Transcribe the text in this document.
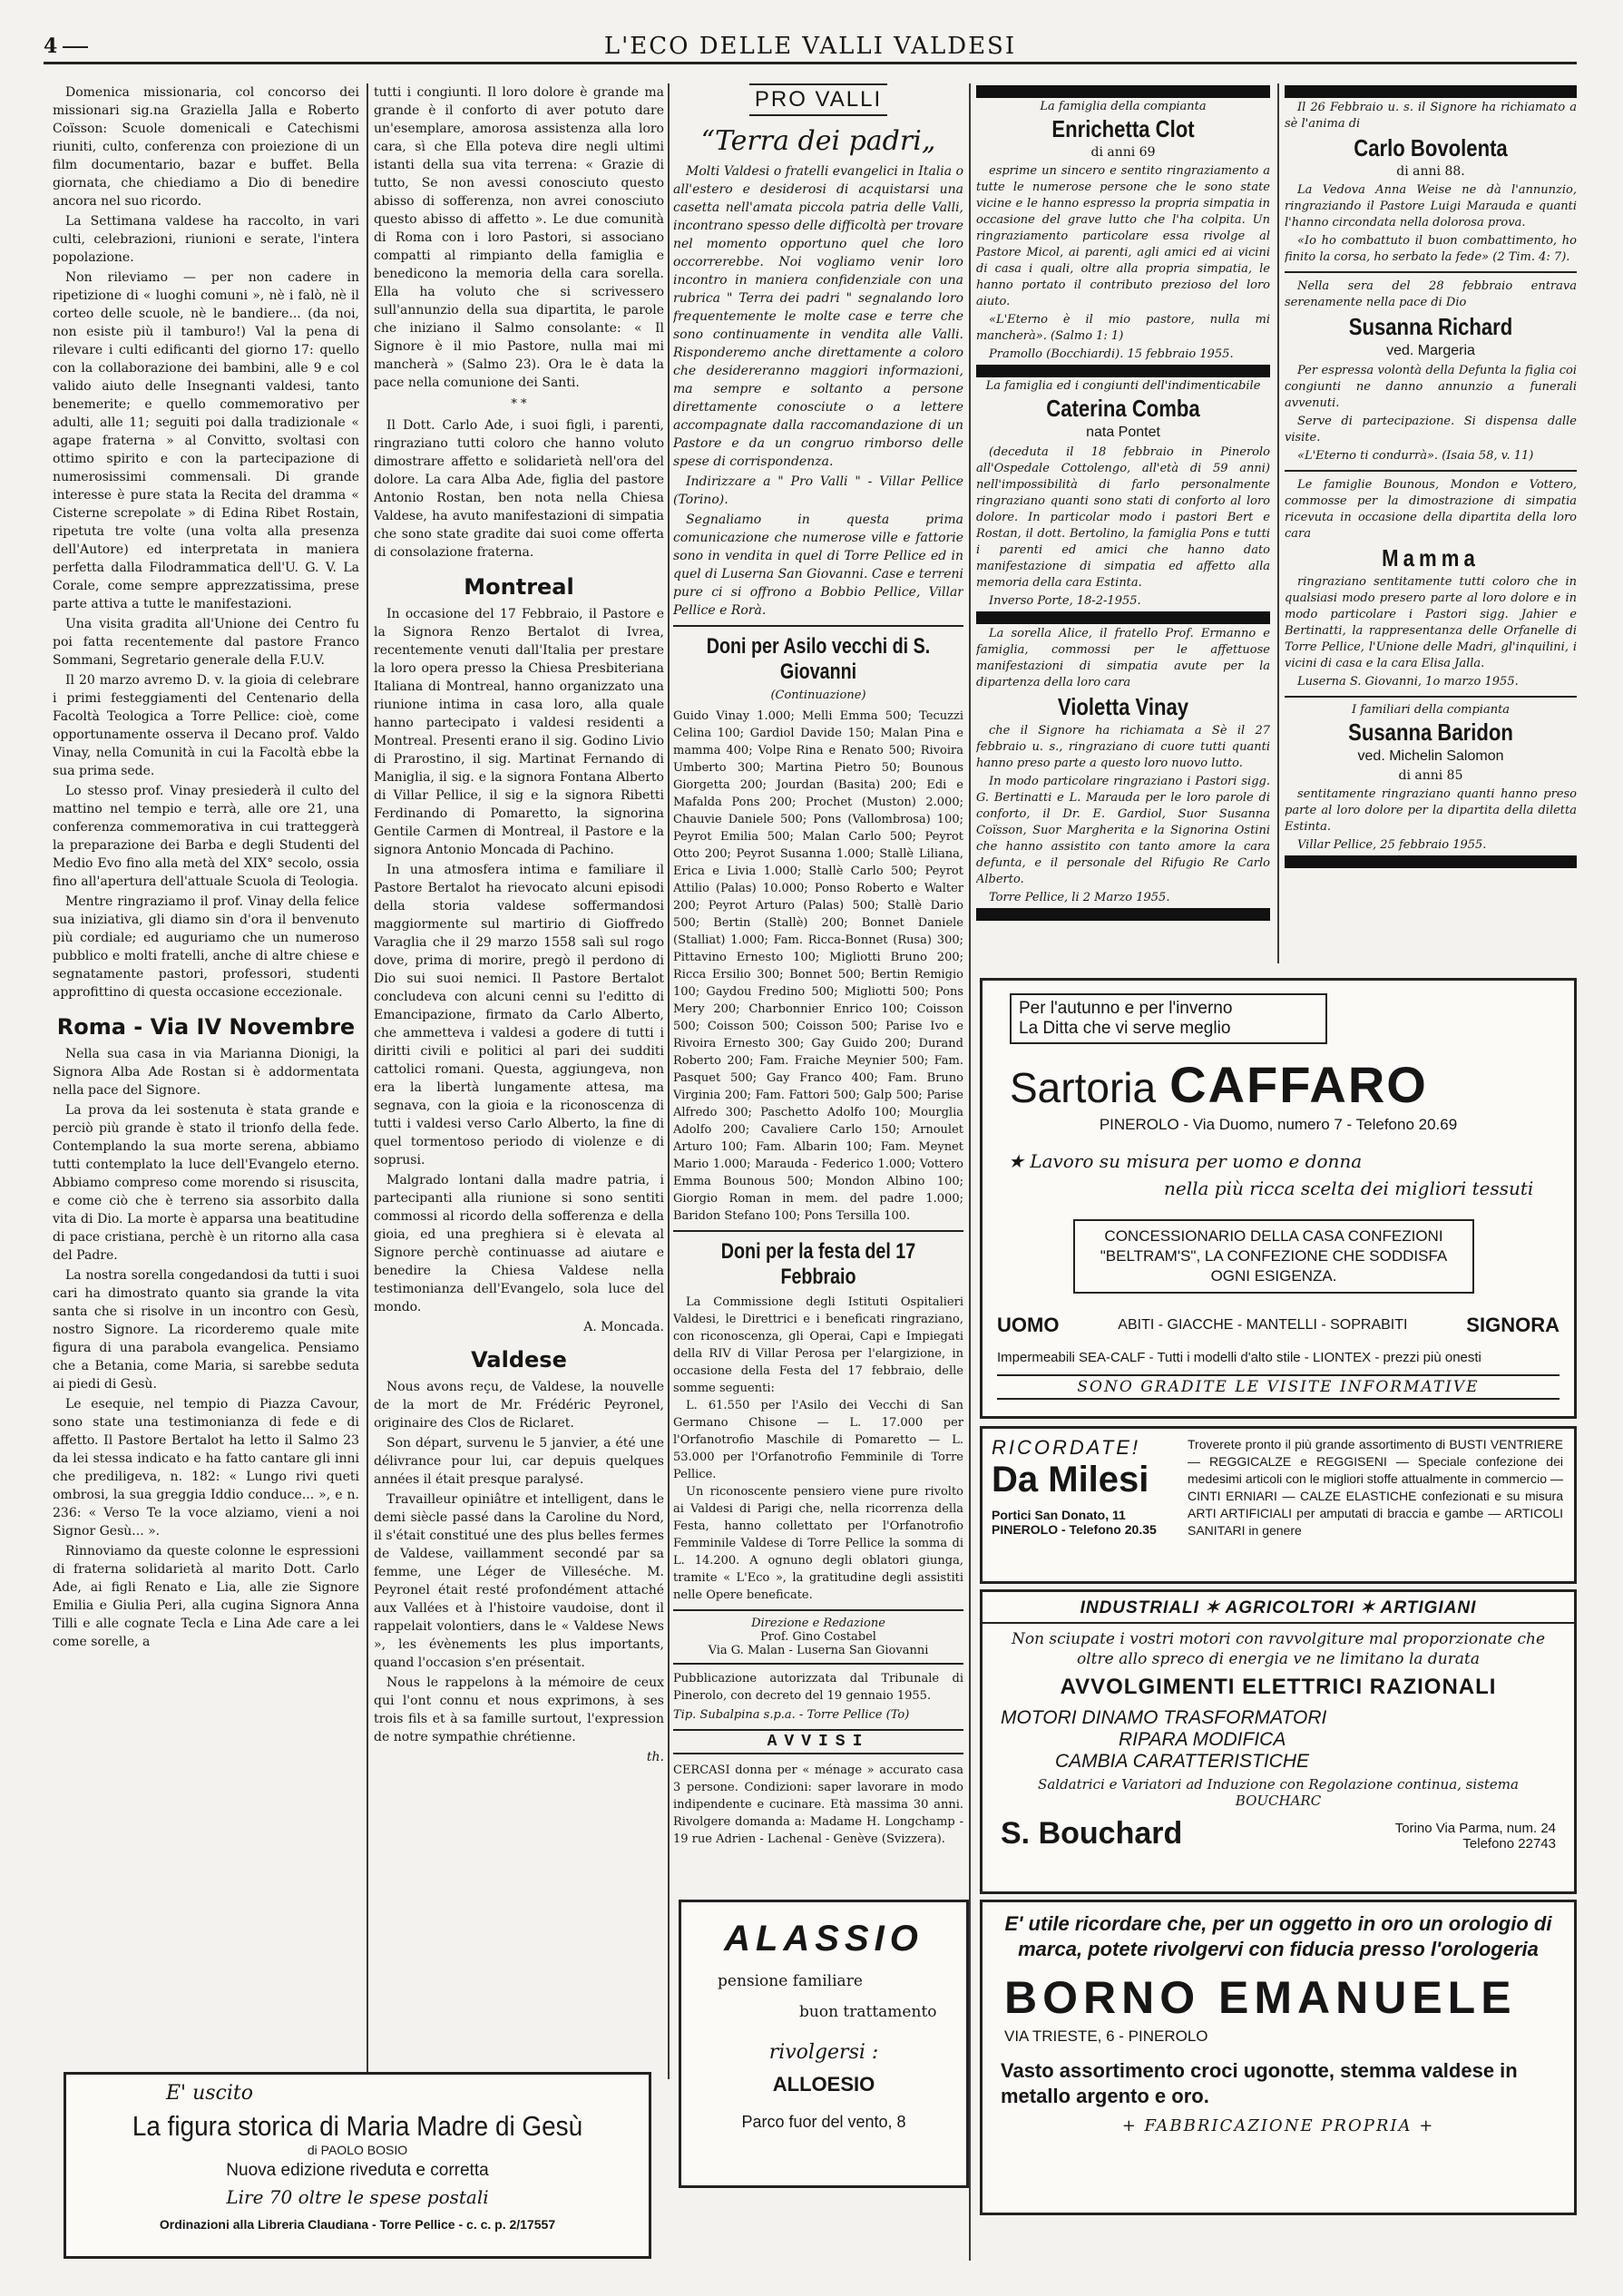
4	L'ECO DELLE VALLI VALDESI

Domenica missionaria, col concorso dei missionari sig.na Graziella Jalla e Roberto Coïsson: Scuole domenicali e Catechismi riuniti, culto, conferenza con proiezione di un film documentario, bazar e buffet. Bella giornata, che chiediamo a Dio di benedire ancora nel suo ricordo.

La Settimana valdese ha raccolto, in vari culti, celebrazioni, riunioni e serate, l'intera popolazione.

Non rileviamo — per non cadere in ripetizione di « luoghi comuni », nè i falò, nè il corteo delle scuole, nè le bandiere... (da noi, non esiste più il tamburo!) Val la pena di rilevare i culti edificanti del giorno 17: quello con la collaborazione dei bambini, alle 9 e col valido aiuto delle Insegnanti valdesi, tanto benemerite; e quello commemorativo per adulti, alle 11; seguiti poi dalla tradizionale « agape fraterna » al Convitto, svoltasi con ottimo spirito e con la partecipazione di numerosissimi commensali. Di grande interesse è pure stata la Recita del dramma « Cisterne screpolate » di Edina Ribet Rostain, ripetuta tre volte (una volta alla presenza dell'Autore) ed interpretata in maniera perfetta dalla Filodrammatica dell'U. G. V. La Corale, come sempre apprezzatissima, prese parte attiva a tutte le manifestazioni.

Una visita gradita all'Unione dei Centro fu poi fatta recentemente dal pastore Franco Sommani, Segretario generale della F.U.V.

Il 20 marzo avremo D. v. la gioia di celebrare i primi festeggiamenti del Centenario della Facoltà Teologica a Torre Pellice: cioè, come opportunamente osserva il Decano prof. Valdo Vinay, nella Comunità in cui la Facoltà ebbe la sua prima sede.

Lo stesso prof. Vinay presiederà il culto del mattino nel tempio e terrà, alle ore 21, una conferenza commemorativa in cui tratteggerà la preparazione dei Barba e degli Studenti del Medio Evo fino alla metà del XIX° secolo, ossia fino all'apertura dell'attuale Scuola di Teologia.

Mentre ringraziamo il prof. Vinay della felice sua iniziativa, gli diamo sin d'ora il benvenuto più cordiale; ed auguriamo che un numeroso pubblico e molti fratelli, anche di altre chiese e segnatamente pastori, professori, studenti approfittino di questa occasione eccezionale.

Roma - Via IV Novembre

Nella sua casa in via Marianna Dionigi, la Signora Alba Ade Rostan si è addormentata nella pace del Signore.

La prova da lei sostenuta è stata grande e perciò più grande è stato il trionfo della fede. Contemplando la sua morte serena, abbiamo tutti contemplato la luce dell'Evangelo eterno. Abbiamo compreso come morendo si risuscita, e come ciò che è terreno sia assorbito dalla vita di Dio. La morte è apparsa una beatitudine di pace cristiana, perchè è un ritorno alla casa del Padre.

La nostra sorella congedandosi da tutti i suoi cari ha dimostrato quanto sia grande la vita santa che si risolve in un incontro con Gesù, nostro Signore. La ricorderemo quale mite figura di una parabola evangelica. Pensiamo che a Betania, come Maria, si sarebbe seduta ai piedi di Gesù.

Le esequie, nel tempio di Piazza Cavour, sono state una testimonianza di fede e di affetto. Il Pastore Bertalot ha letto il Salmo 23 da lei stessa indicato e ha fatto cantare gli inni che prediligeva, n. 182: « Lungo rivi queti ombrosi, la sua greggia Iddio conduce... », e n. 236: « Verso Te la voce alziamo, vieni a noi Signor Gesù... ».

Rinnoviamo da queste colonne le espressioni di fraterna solidarietà al marito Dott. Carlo Ade, ai figli Renato e Lia, alle zie Signore Emilia e Giulia Peri, alla cugina Signora Anna Tilli e alle cognate Tecla e Lina Ade care a lei come sorelle, a

tutti i congiunti. Il loro dolore è grande ma grande è il conforto di aver potuto dare un'esemplare, amorosa assistenza alla loro cara, sì che Ella poteva dire negli ultimi istanti della sua vita terrena: « Grazie di tutto, Se non avessi conosciuto questo abisso di sofferenza, non avrei conosciuto questo abisso di affetto ». Le due comunità di Roma con i loro Pastori, si associano compatti al rimpianto della famiglia e benedicono la memoria della cara sorella. Ella ha voluto che si scrivessero sull'annunzio della sua dipartita, le parole che iniziano il Salmo consolante: « Il Signore è il mio Pastore, nulla mai mi mancherà » (Salmo 23). Ora le è data la pace nella comunione dei Santi.

* *

Il Dott. Carlo Ade, i suoi figli, i parenti, ringraziano tutti coloro che hanno voluto dimostrare affetto e solidarietà nell'ora del dolore. La cara Alba Ade, figlia del pastore Antonio Rostan, ben nota nella Chiesa Valdese, ha avuto manifestazioni di simpatia che sono state gradite dai suoi come offerta di consolazione fraterna.

Montreal

In occasione del 17 Febbraio, il Pastore e la Signora Renzo Bertalot di Ivrea, recentemente venuti dall'Italia per prestare la loro opera presso la Chiesa Presbiteriana Italiana di Montreal, hanno organizzato una riunione intima in casa loro, alla quale hanno partecipato i valdesi residenti a Montreal. Presenti erano il sig. Godino Livio di Prarostino, il sig. Martinat Fernando di Maniglia, il sig. e la signora Fontana Alberto di Villar Pellice, il sig e la signora Ribetti Ferdinando di Pomaretto, la signorina Gentile Carmen di Montreal, il Pastore e la signora Antonio Moncada di Pachino.

In una atmosfera intima e familiare il Pastore Bertalot ha rievocato alcuni episodi della storia valdese soffermandosi maggiormente sul martirio di Gioffredo Varaglia che il 29 marzo 1558 salì sul rogo dove, prima di morire, pregò il perdono di Dio sui suoi nemici. Il Pastore Bertalot concludeva con alcuni cenni su l'editto di Emancipazione, firmato da Carlo Alberto, che ammetteva i valdesi a godere di tutti i diritti civili e politici al pari dei sudditi cattolici romani. Questa, aggiungeva, non era la libertà lungamente attesa, ma segnava, con la gioia e la riconoscenza di tutti i valdesi verso Carlo Alberto, la fine di quel tormentoso periodo di violenze e di soprusi.

Malgrado lontani dalla madre patria, i partecipanti alla riunione si sono sentiti commossi al ricordo della sofferenza e della gioia, ed una preghiera si è elevata al Signore perchè continuasse ad aiutare e benedire la Chiesa Valdese nella testimonianza dell'Evangelo, sola luce del mondo.

A. Moncada.
Valdese

Nous avons reçu, de Valdese, la nouvelle de la mort de Mr. Frédéric Peyronel, originaire des Clos de Riclaret.

Son départ, survenu le 5 janvier, a été une délivrance pour lui, car depuis quelques années il était presque paralysé.

Travailleur opiniâtre et intelligent, dans le demi siècle passé dans la Caroline du Nord, il s'était constitué une des plus belles fermes de Valdese, vaillamment secondé par sa femme, une Léger de Villeséche. M. Peyronel était resté profondément attaché aux Vallées et à l'histoire vaudoise, dont il rappelait volontiers, dans le « Valdese News », les évènements les plus importants, quand l'occasion s'en présentait.

Nous le rappelons à la mémoire de ceux qui l'ont connu et nous exprimons, à ses trois fils et à sa famille surtout, l'expression de notre sympathie chrétienne.

th.
PRO VALLI
“Terra dei padri„

Molti Valdesi o fratelli evangelici in Italia o all'estero e desiderosi di acquistarsi una casetta nell'amata piccola patria delle Valli, incontrano spesso delle difficoltà per trovare nel momento opportuno quel che loro occorrerebbe. Noi vogliamo venir loro incontro in maniera confidenziale con una rubrica " Terra dei padri " segnalando loro frequentemente le molte case e terre che sono continuamente in vendita alle Valli. Risponderemo anche direttamente a coloro che desidereranno maggiori informazioni, ma sempre e soltanto a persone direttamente conosciute o a lettere accompagnate dalla raccomandazione di un Pastore e da un congruo rimborso delle spese di corrispondenza.

Indirizzare a " Pro Valli " - Villar Pellice (Torino).

Segnaliamo in questa prima comunicazione che numerose ville e fattorie sono in vendita in quel di Torre Pellice ed in quel di Luserna San Giovanni. Case e terreni pure ci si offrono a Bobbio Pellice, Villar Pellice e Rorà.

Doni per Asilo vecchi di S. Giovanni
(Continuazione)

Guido Vinay 1.000; Melli Emma 500; Tecuzzi Celina 100; Gardiol Davide 150; Malan Pina e mamma 400; Volpe Rina e Renato 500; Rivoira Umberto 300; Martina Pietro 50; Bounous Giorgetta 200; Jourdan (Basita) 200; Edi e Mafalda Pons 200; Prochet (Muston) 2.000; Chauvie Daniele 500; Pons (Vallombrosa) 100; Peyrot Emilia 500; Malan Carlo 500; Peyrot Otto 200; Peyrot Susanna 1.000; Stallè Liliana, Erica e Livia 1.000; Stallè Carlo 500; Peyrot Attilio (Palas) 10.000; Ponso Roberto e Walter 200; Peyrot Arturo (Palas) 500; Stallè Dario 500; Bertin (Stallè) 200; Bonnet Daniele (Stalliat) 1.000; Fam. Ricca-Bonnet (Rusa) 300; Pittavino Ernesto 100; Migliotti Bruno 200; Ricca Ersilio 300; Bonnet 500; Bertin Remigio 100; Gaydou Fredino 500; Migliotti 500; Pons Mery 200; Charbonnier Enrico 100; Coisson 500; Coisson 500; Coisson 500; Parise Ivo e Rivoira Ernesto 300; Gay Guido 200; Durand Roberto 200; Fam. Fraiche Meynier 500; Fam. Pasquet 500; Gay Franco 400; Fam. Bruno Virginia 200; Fam. Fattori 500; Galp 500; Parise Alfredo 300; Paschetto Adolfo 100; Mourglia Adolfo 200; Cavaliere Carlo 150; Arnoulet Arturo 100; Fam. Albarin 100; Fam. Meynet Mario 1.000; Marauda - Federico 1.000; Vottero Emma Bounous 500; Mondon Albino 100; Giorgio Roman in mem. del padre 1.000; Baridon Stefano 100; Pons Tersilla 100.

Doni per la festa del 17 Febbraio

La Commissione degli Istituti Ospitalieri Valdesi, le Direttrici e i beneficati ringraziano, con riconoscenza, gli Operai, Capi e Impiegati della RIV di Villar Perosa per l'elargizione, in occasione della Festa del 17 febbraio, delle somme seguenti:

L. 61.550 per l'Asilo dei Vecchi di San Germano Chisone — L. 17.000 per l'Orfanotrofio Maschile di Pomaretto — L. 53.000 per l'Orfanotrofio Femminile di Torre Pellice.

Un riconoscente pensiero viene pure rivolto ai Valdesi di Parigi che, nella ricorrenza della Festa, hanno collettato per l'Orfanotrofio Femminile Valdese di Torre Pellice la somma di L. 14.200. A ognuno degli oblatori giunga, tramite « L'Eco », la gratitudine degli assistiti nelle Opere beneficate.

Direzione e Redazione
Prof. Gino Costabel
Via G. Malan - Luserna San Giovanni

Pubblicazione autorizzata dal Tribunale di Pinerolo, con decreto del 19 gennaio 1955.

Tip. Subalpina s.p.a. - Torre Pellice (To)
AVVISI

CERCASI donna per « ménage » accurato casa 3 persone. Condizioni: saper lavorare in modo indipendente e cucinare. Età massima 30 anni. Rivolgere domanda a: Madame H. Longchamp - 19 rue Adrien - Lachenal - Genève (Svizzera).

La famiglia della compianta
Enrichetta Clot
di anni 69

esprime un sincero e sentito ringraziamento a tutte le numerose persone che le sono state vicine e le hanno espresso la propria simpatia in occasione del grave lutto che l'ha colpita. Un ringraziamento particolare essa rivolge al Pastore Micol, ai parenti, agli amici ed ai vicini di casa i quali, oltre alla propria simpatia, le hanno portato il contributo prezioso del loro aiuto.

«L'Eterno è il mio pastore, nulla mi mancherà». (Salmo 1: 1)

Pramollo (Bocchiardi). 15 febbraio 1955.

La famiglia ed i congiunti dell'indimenticabile
Caterina Comba
nata Pontet

(deceduta il 18 febbraio in Pinerolo all'Ospedale Cottolengo, all'età di 59 anni) nell'impossibilità di farlo personalmente ringraziano quanti sono stati di conforto al loro dolore. In particolar modo i pastori Bert e Rostan, il dott. Bertolino, la famiglia Pons e tutti i parenti ed amici che hanno dato manifestazione di simpatia ed affetto alla memoria della cara Estinta.

Inverso Porte, 18-2-1955.

La sorella Alice, il fratello Prof. Ermanno e famiglia, commossi per le affettuose manifestazioni di simpatia avute per la dipartenza della loro cara

Violetta Vinay

che il Signore ha richiamata a Sè il 27 febbraio u. s., ringraziano di cuore tutti quanti hanno preso parte a questo loro nuovo lutto.

In modo particolare ringraziano i Pastori sigg. G. Bertinatti e L. Marauda per le loro parole di conforto, il Dr. E. Gardiol, Suor Susanna Coïsson, Suor Margherita e la Signorina Ostini che hanno assistito con tanto amore la cara defunta, e il personale del Rifugio Re Carlo Alberto.

Torre Pellice, li 2 Marzo 1955.

Il 26 Febbraio u. s. il Signore ha richiamato a sè l'anima di

Carlo Bovolenta
di anni 88.

La Vedova Anna Weise ne dà l'annunzio, ringraziando il Pastore Luigi Marauda e quanti l'hanno circondata nella dolorosa prova.

«Io ho combattuto il buon combattimento, ho finito la corsa, ho serbato la fede» (2 Tim. 4: 7).

Nella sera del 28 febbraio entrava serenamente nella pace di Dio

Susanna Richard
ved. Margeria

Per espressa volontà della Defunta la figlia coi congiunti ne danno annunzio a funerali avvenuti.

Serve di partecipazione. Si dispensa dalle visite.

«L'Eterno ti condurrà». (Isaia 58, v. 11)

Le famiglie Bounous, Mondon e Vottero, commosse per la dimostrazione di simpatia ricevuta in occasione della dipartita della loro cara

Mamma

ringraziano sentitamente tutti coloro che in qualsiasi modo presero parte al loro dolore e in modo particolare i Pastori sigg. Jahier e Bertinatti, la rappresentanza delle Orfanelle di Torre Pellice, l'Unione delle Madri, gl'inquilini, i vicini di casa e la cara Elisa Jalla.

Luserna S. Giovanni, 1o marzo 1955.

I familiari della compianta
Susanna Baridon
ved. Michelin Salomon
di anni 85

sentitamente ringraziano quanti hanno preso parte al loro dolore per la dipartita della diletta Estinta.

Villar Pellice, 25 febbraio 1955.

Per l'autunno e per l'inverno
La Ditta che vi serve meglio
Sartoria CAFFARO
PINEROLO - Via Duomo, numero 7 - Telefono 20.69
★ Lavoro su misura per uomo e donna
nella più ricca scelta dei migliori tessuti
CONCESSIONARIO DELLA CASA CONFEZIONI "BELTRAM'S", LA CONFEZIONE CHE SODDISFA OGNI ESIGENZA.
UOMO	ABITI - GIACCHE - MANTELLI - SOPRABITI	SIGNORA
Impermeabili SEA-CALF - Tutti i modelli d'alto stile - LIONTEX - prezzi più onesti
SONO GRADITE LE VISITE INFORMATIVE
RICORDATE!
Da Milesi
Portici San Donato, 11
PINEROLO - Telefono 20.35
Troverete pronto il più grande assortimento di BUSTI VENTRIERE — REGGICALZE e REGGISENI — Speciale confezione dei medesimi articoli con le migliori stoffe attualmente in commercio — CINTI ERNIARI — CALZE ELASTICHE confezionati e su misura ARTI ARTIFICIALI per amputati di braccia e gambe — ARTICOLI SANITARI in genere
INDUSTRIALI ✶ AGRICOLTORI ✶ ARTIGIANI
Non sciupate i vostri motori con ravvolgiture mal proporzionate che oltre allo spreco di energia ve ne limitano la durata
AVVOLGIMENTI ELETTRICI RAZIONALI
MOTORI DINAMO TRASFORMATORI
RIPARA MODIFICA
CAMBIA CARATTERISTICHE
Saldatrici e Variatori ad Induzione con Regolazione continua, sistema BOUCHARC
S. Bouchard	Torino Via Parma, num. 24
Telefono 22743
E' utile ricordare che, per un oggetto in oro un orologio di marca, potete rivolgervi con fiducia presso l'orologeria
BORNO EMANUELE
VIA TRIESTE, 6 - PINEROLO
Vasto assortimento croci ugonotte, stemma valdese in metallo argento e oro.
+ FABBRICAZIONE PROPRIA +
ALASSIO
pensione familiare
buon trattamento
rivolgersi :
ALLOESIO
Parco fuor del vento, 8
E' uscito
La figura storica di Maria Madre di Gesù
di PAOLO BOSIO
Nuova edizione riveduta e corretta
Lire 70 oltre le spese postali
Ordinazioni alla Libreria Claudiana - Torre Pellice - c. c. p. 2/17557
